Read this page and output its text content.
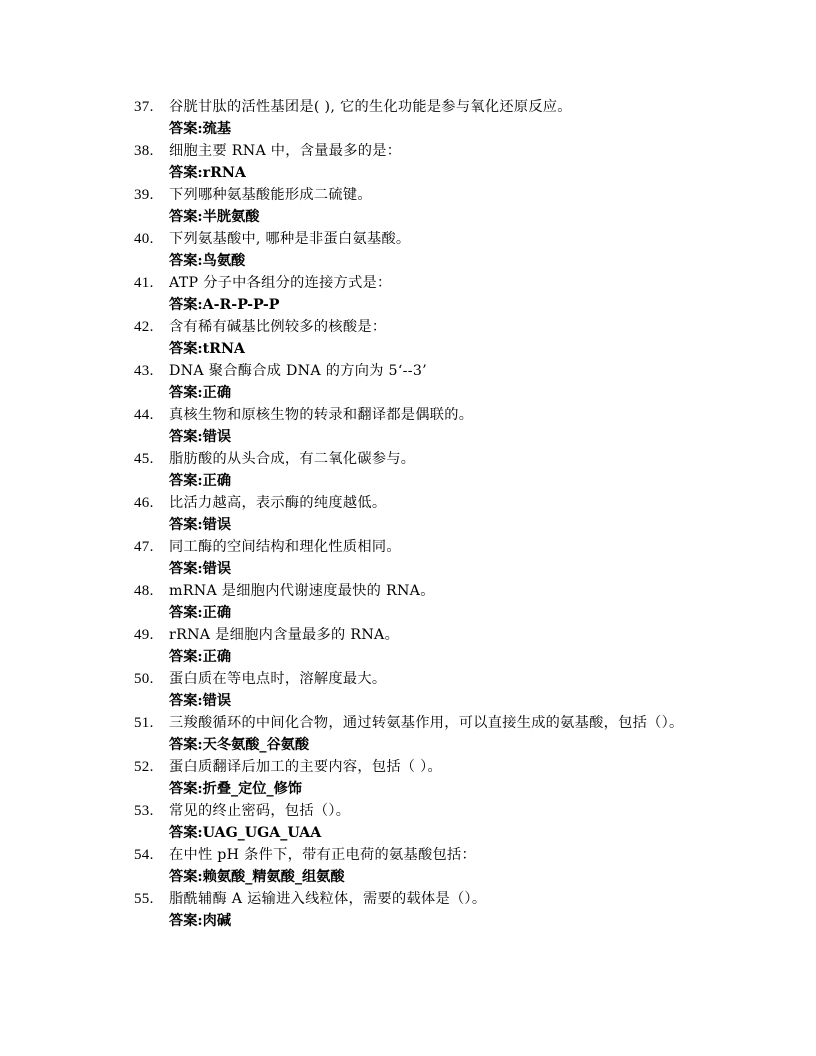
37.	谷胱甘肽的活性基团是( ), 它的生化功能是参与氧化还原反应。
答案:巯基
38.	细胞主要 RNA 中，含量最多的是：
答案:rRNA
39.	下列哪种氨基酸能形成二硫键。
答案:半胱氨酸
40.	下列氨基酸中, 哪种是非蛋白氨基酸。
答案:鸟氨酸
41.	ATP 分子中各组分的连接方式是：
答案:A-R-P-P-P
42.	含有稀有碱基比例较多的核酸是：
答案:tRNA
43.	DNA 聚合酶合成 DNA 的方向为 5‘--3’
答案:正确
44.	真核生物和原核生物的转录和翻译都是偶联的。
答案:错误
45.	脂肪酸的从头合成，有二氧化碳参与。
答案:正确
46.	比活力越高，表示酶的纯度越低。
答案:错误
47.	同工酶的空间结构和理化性质相同。
答案:错误
48.	mRNA 是细胞内代谢速度最快的 RNA。
答案:正确
49.	rRNA 是细胞内含量最多的 RNA。
答案:正确
50.	蛋白质在等电点时，溶解度最大。
答案:错误
51.	三羧酸循环的中间化合物，通过转氨基作用，可以直接生成的氨基酸，包括（）。
答案:天冬氨酸_谷氨酸
52.	蛋白质翻译后加工的主要内容，包括（ ）。
答案:折叠_定位_修饰
53.	常见的终止密码，包括（）。
答案:UAG_UGA_UAA
54.	在中性 pH 条件下，带有正电荷的氨基酸包括：
答案:赖氨酸_精氨酸_组氨酸
55.	脂酰辅酶 A 运输进入线粒体，需要的载体是（）。
答案:肉碱
